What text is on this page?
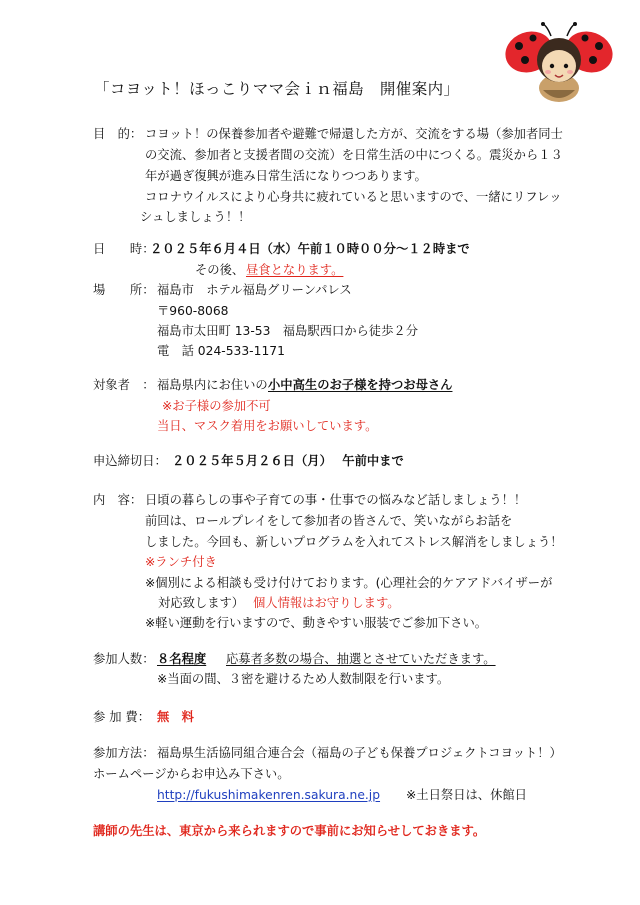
「コヨット！ほっこりママ会ｉｎ福島　開催案内」
目　的： コヨット！の保養参加者や避難で帰還した方が、交流をする場（参加者同士
の交流、参加者と支援者間の交流）を日常生活の中につくる。震災から１３
年が過ぎ復興が進み日常生活になりつつあります。
コロナウイルスにより心身共に疲れていると思いますので、一緒にリフレッ
シュしましょう！！
日　　時：
２０２５年６月４日（水）午前１０時００分～１２時まで
その後、 昼食となります。
場　　所： 福島市　ホテル福島グリーンパレス
〒960-8068
福島市太田町 13-53　福島駅西口から徒歩２分
電　話 024-533-1171
対象者　： 福島県内にお住いの 小中高生のお子様を持つお母さん
※お子様の参加不可
当日、マスク着用をお願いしています。
申込締切日： ２０２５年５月２６日（月）　 午前中まで
内　容： 日頃の暮らしの事や子育ての事・仕事での悩みなど話しましょう！！
前回は、ロールプレイをして参加者の皆さんで、笑いながらお話を
しました。今回も、新しいプログラムを入れてストレス解消をしましょう！
※ランチ付き
※個別による相談も受け付けております。(心理社会的ケアアドバイザーが
対応致します） 個人情報はお守りします。
※軽い運動を行いますので、動きやすい服装でご参加下さい。
参加人数： ８名程度 応募者多数の場合、抽選とさせていただきます。
※当面の間、３密を避けるため人数制限を行います。
参 加 費： 無　料
参加方法： 福島県生活協同組合連合会（福島の子ども保養プロジェクトコヨット！）
ホームページからお申込み下さい。
http://fukushimakenren.sakura.ne.jp ※土日祭日は、休館日
講師の先生は、東京から来られますので事前にお知らせしておきます。
